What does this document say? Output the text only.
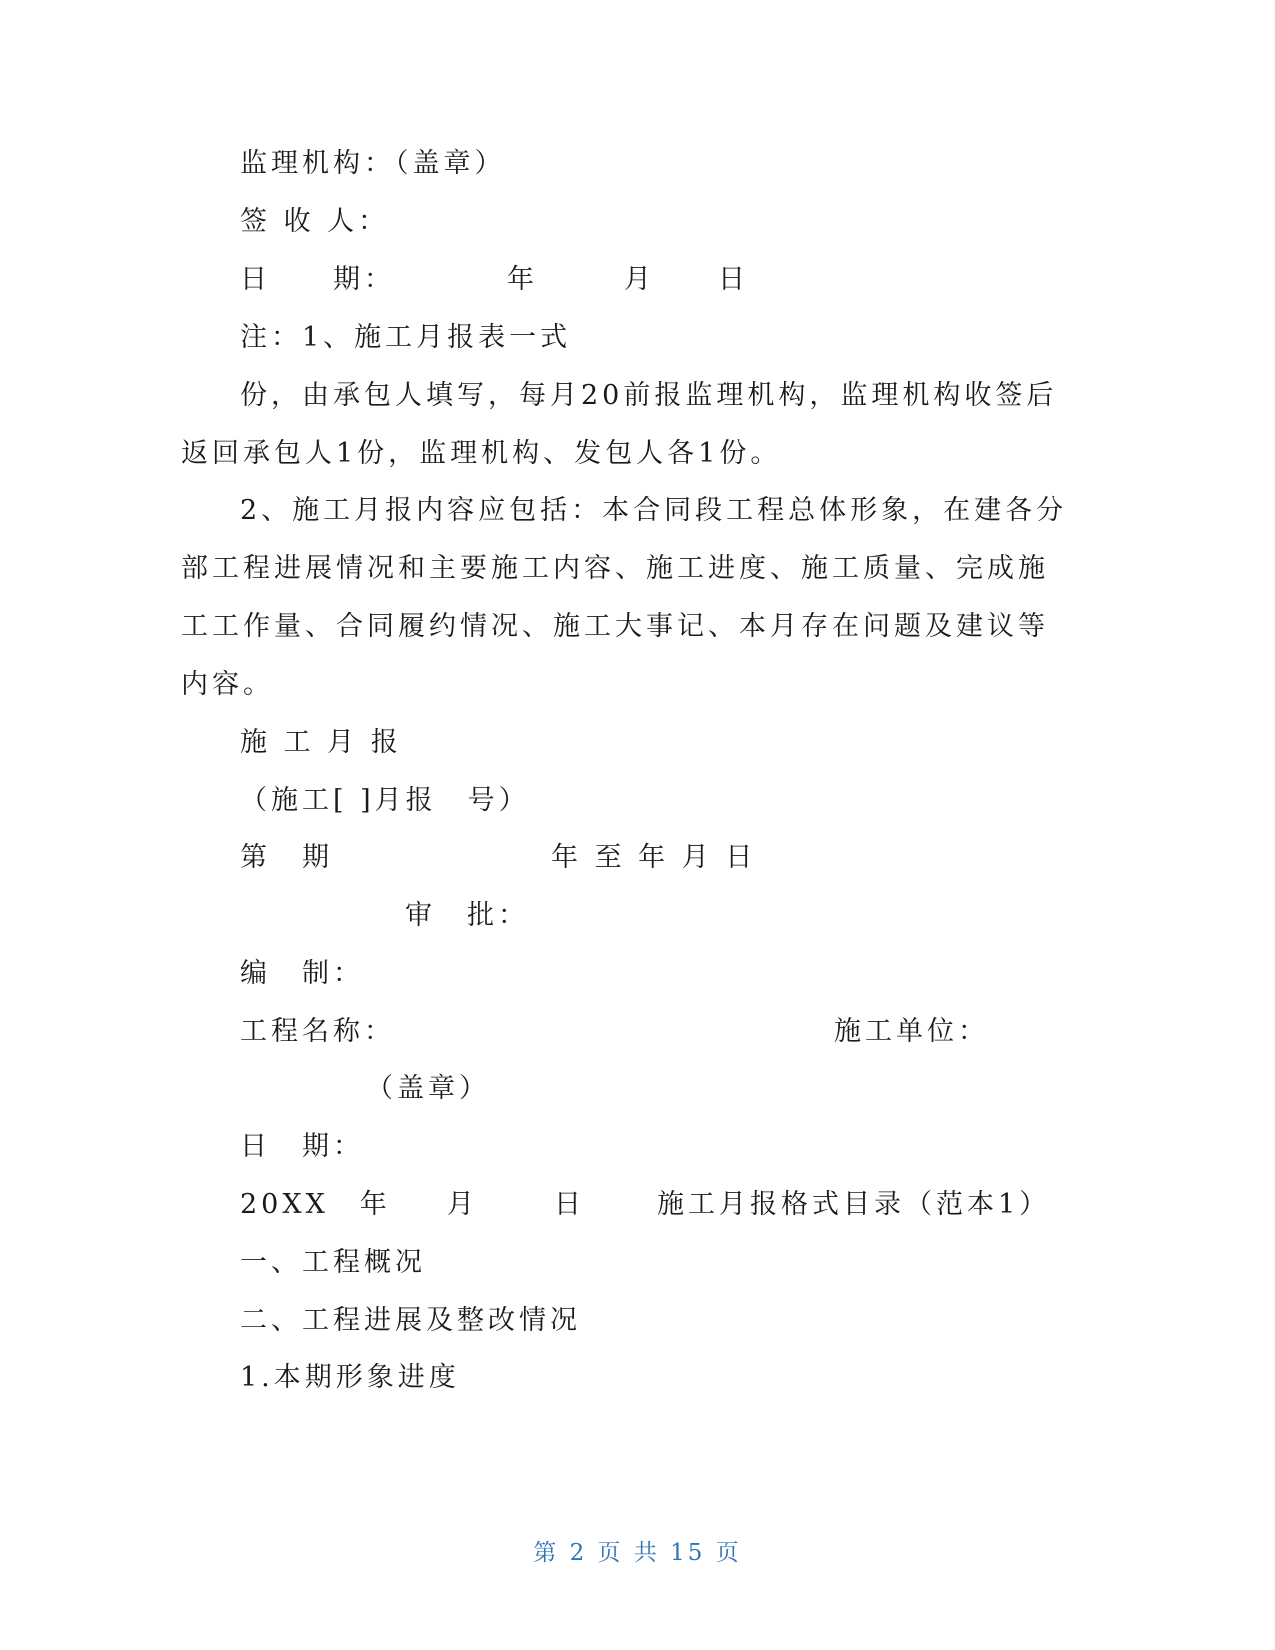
监理机构：（盖章）

签 收 人：

日　　期：	年	月 日

注：1、施工月报表一式

份，由承包人填写，每月20前报监理机构，监理机构收签后

返回承包人1份，监理机构、发包人各1份。

2、施工月报内容应包括：本合同段工程总体形象，在建各分

部工程进展情况和主要施工内容、施工进度、施工质量、完成施

工工作量、合同履约情况、施工大事记、本月存在问题及建议等

内容。

施 工 月 报

（施工[ ]月报　号）

第　期	年 至 年 月 日

审　批：

编　制：

工程名称：	施工单位：

（盖章）

日　期：

20XX　年 月	日	施工月报格式目录（范本1）

一、工程概况

二、工程进展及整改情况

1.本期形象进度

第 2 页 共 15 页
